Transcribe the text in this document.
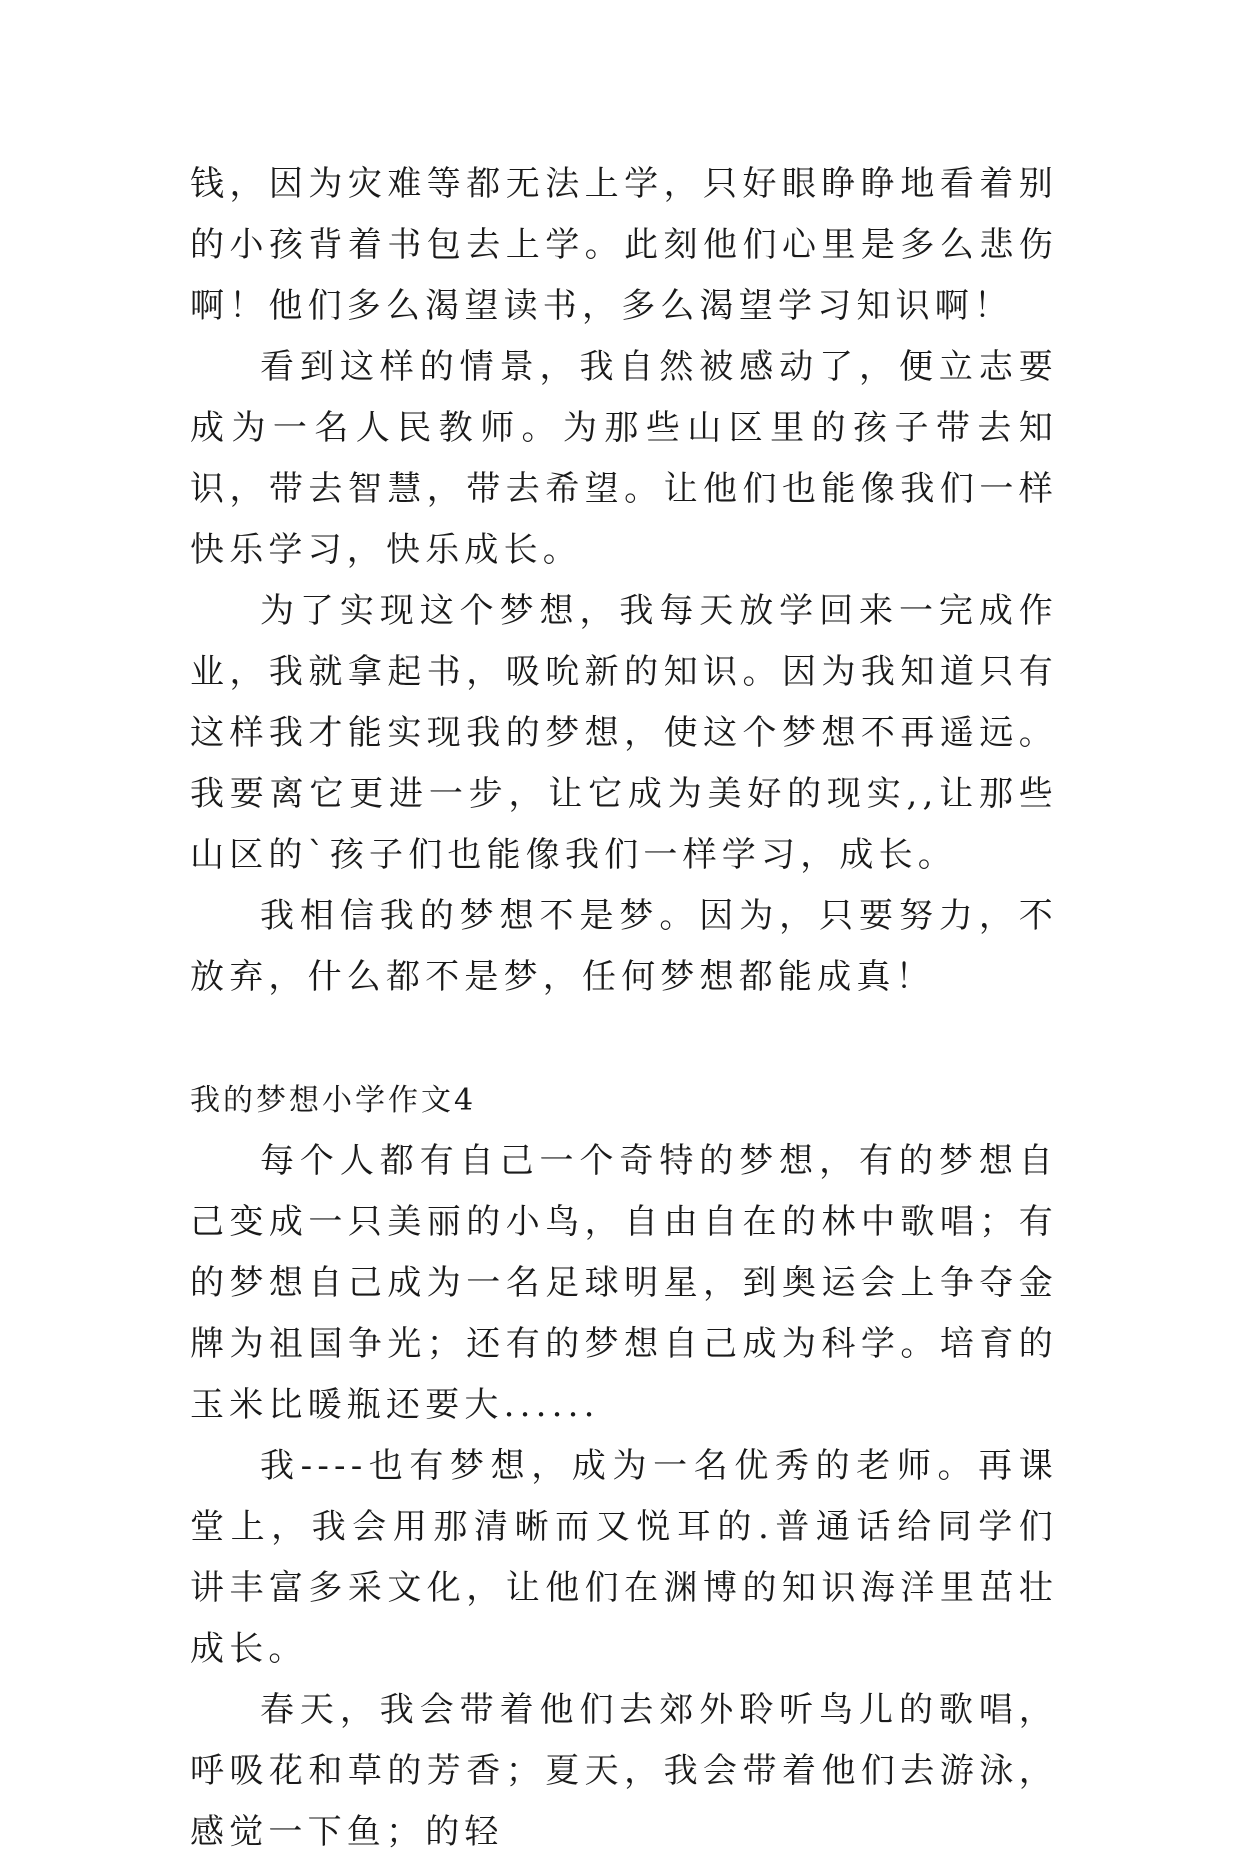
钱，因为灾难等都无法上学，只好眼睁睁地看着别的小孩背着书包去上学。此刻他们心里是多么悲伤啊！他们多么渴望读书，多么渴望学习知识啊！

看到这样的情景，我自然被感动了，便立志要成为一名人民教师。为那些山区里的孩子带去知识，带去智慧，带去希望。让他们也能像我们一样快乐学习，快乐成长。

为了实现这个梦想，我每天放学回来一完成作业，我就拿起书，吸吮新的知识。因为我知道只有这样我才能实现我的梦想，使这个梦想不再遥远。我要离它更进一步，让它成为美好的现实,,让那些山区的`孩子们也能像我们一样学习，成长。

我相信我的梦想不是梦。因为，只要努力，不放弃，什么都不是梦，任何梦想都能成真！

我的梦想小学作文4

每个人都有自己一个奇特的梦想，有的梦想自己变成一只美丽的小鸟，自由自在的林中歌唱；有的梦想自己成为一名足球明星，到奥运会上争夺金牌为祖国争光；还有的梦想自己成为科学。培育的玉米比暖瓶还要大......

我----也有梦想，成为一名优秀的老师。再课堂上，我会用那清晰而又悦耳的.普通话给同学们讲丰富多采文化，让他们在渊博的知识海洋里茁壮成长。

春天，我会带着他们去郊外聆听鸟儿的歌唱，呼吸花和草的芳香；夏天，我会带着他们去游泳，感觉一下鱼；的轻
